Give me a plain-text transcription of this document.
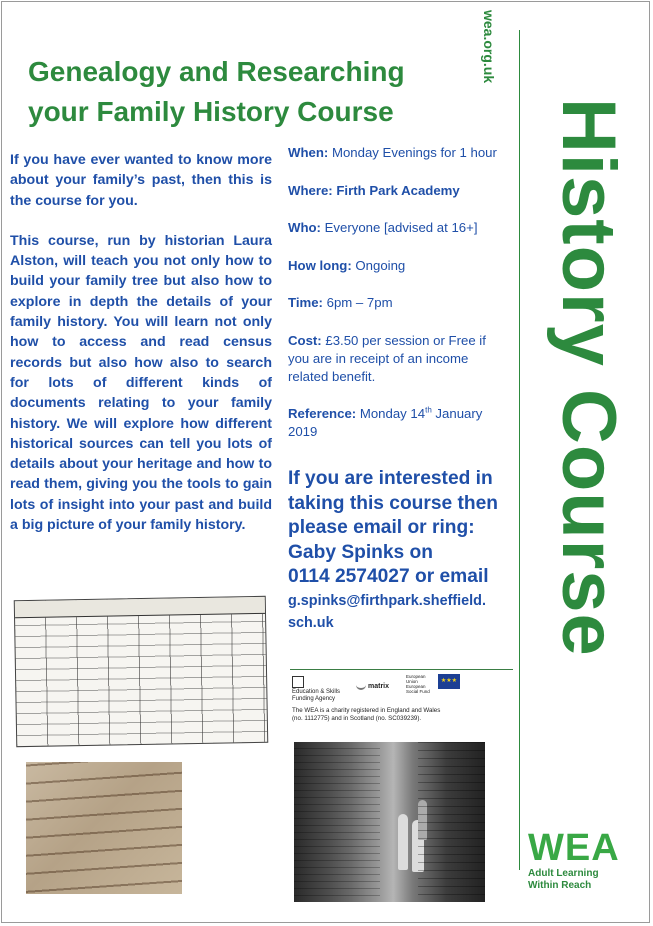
Genealogy and Researching
your Family History Course
wea.org.uk
History Course

If you have ever wanted to know more about your family’s past, then this is the course for you.

This course, run by historian Laura Alston, will teach you not only how to build your family tree but also how to explore in depth the details of your family history. You will learn not only how to access and read census records but also how also to search for lots of different kinds of documents relating to your family history. We will explore how different historical sources can tell you lots of details about your heritage and how to read them, giving you the tools to gain lots of insight into your past and build a big picture of your family history.

When: Monday Evenings for 1 hour
Where: Firth Park Academy
Who: Everyone [advised at 16+]
How long: Ongoing
Time: 6pm – 7pm
Cost: £3.50 per session or Free if you are in receipt of an income related benefit.
Reference: Monday 14th January 2019
If you are interested in
taking this course then
please email or ring:
Gaby Spinks on
0114 2574027 or email
g.spinks@firthpark.sheffield.
sch.uk
Education & Skills
Funding Agency
matrix
European Union
European
Social Fund
★★★
The WEA is a charity registered in England and Wales
(no. 1112775) and in Scotland (no. SC039239).
WEA
Adult Learning
Within Reach
